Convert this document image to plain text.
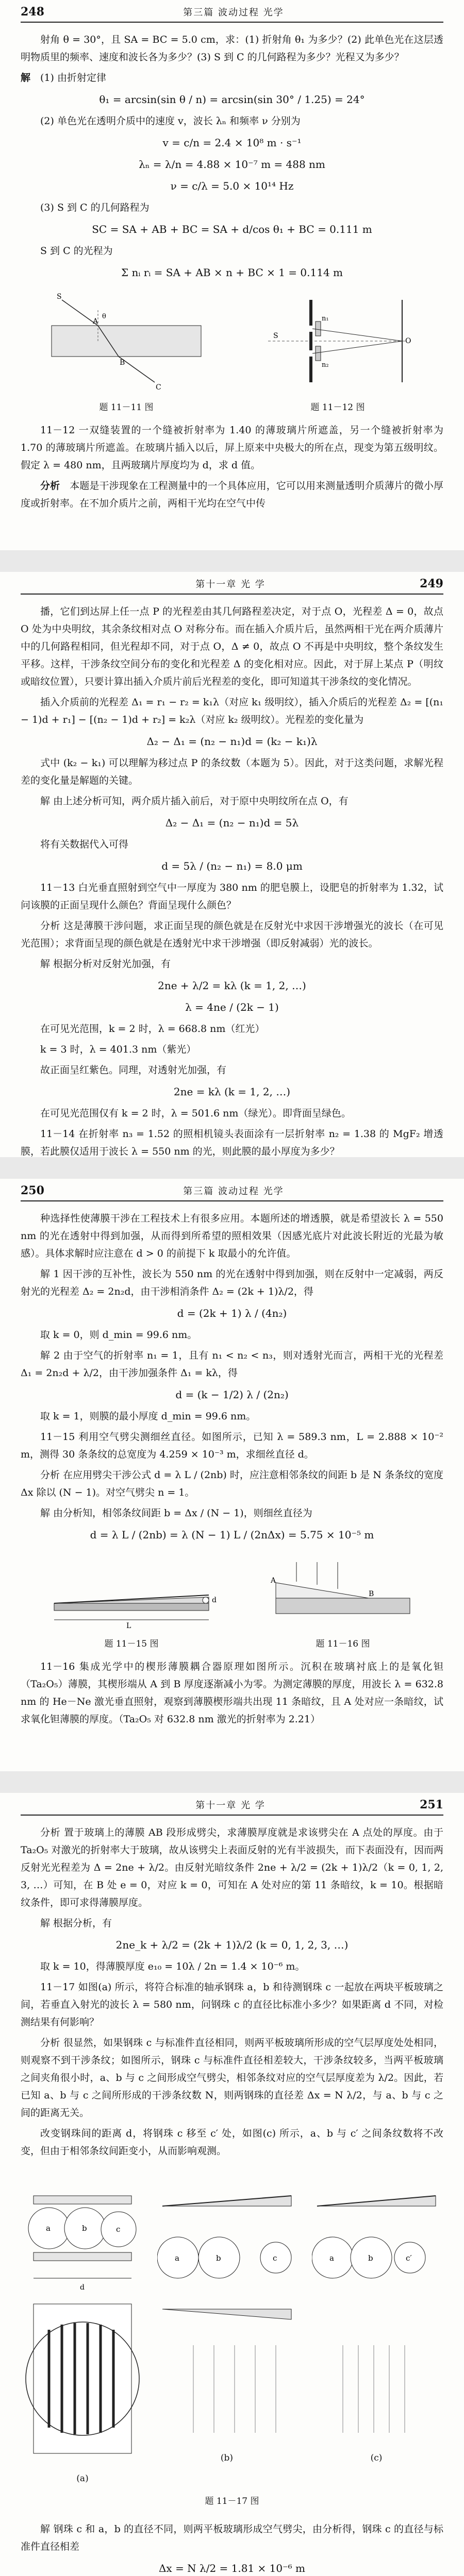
248	第三篇 波动过程 光学

射角 θ = 30°，且 SA = BC = 5.0 cm，求：(1) 折射角 θ₁ 为多少？(2) 此单色光在这层透明物质里的频率、速度和波长各为多少？(3) S 到 C 的几何路程为多少？光程又为多少？

解　 (1) 由折射定律

θ₁ = arcsin(sin θ / n) = arcsin(sin 30° / 1.25) = 24°

(2) 单色光在透明介质中的速度 v，波长 λₙ 和频率 ν 分别为

v = c/n = 2.4 × 10⁸ m · s⁻¹
λₙ = λ/n = 4.88 × 10⁻⁷ m = 488 nm
ν = c/λ = 5.0 × 10¹⁴ Hz

(3) S 到 C 的几何路程为

SC = SA + AB + BC = SA + d/cos θ₁ + BC = 0.111 m

S 到 C 的光程为

Σ nᵢ rᵢ = SA + AB × n + BC × 1 = 0.114 m
S
A
B
C
θ
题 11－11 图
O
n₁
n₂
S
题 11－12 图

11－12 一双缝装置的一个缝被折射率为 1.40 的薄玻璃片所遮盖，另一个缝被折射率为 1.70 的薄玻璃片所遮盖。在玻璃片插入以后，屏上原来中央极大的所在点，现变为第五级明纹。假定 λ = 480 nm，且两玻璃片厚度均为 d，求 d 值。

分析　 本题是干涉现象在工程测量中的一个具体应用，它可以用来测量透明介质薄片的微小厚度或折射率。在不加介质片之前，两相干光均在空气中传

第十一章 光 学	249

播，它们到达屏上任一点 P 的光程差由其几何路程差决定，对于点 O，光程差 Δ = 0，故点 O 处为中央明纹，其余条纹相对点 O 对称分布。而在插入介质片后，虽然两相干光在两介质薄片中的几何路程相同，但光程却不同，对于点 O，Δ ≠ 0，故点 O 不再是中央明纹，整个条纹发生平移。这样，干涉条纹空间分布的变化和光程差 Δ 的变化相对应。因此，对于屏上某点 P（明纹或暗纹位置），只要计算出插入介质片前后光程差的变化，即可知道其干涉条纹的变化情况。

插入介质前的光程差 Δ₁ = r₁ − r₂ = k₁λ（对应 k₁ 级明纹），插入介质后的光程差 Δ₂ = [(n₁ − 1)d + r₁] − [(n₂ − 1)d + r₂] = k₂λ（对应 k₂ 级明纹）。光程差的变化量为

Δ₂ − Δ₁ = (n₂ − n₁)d = (k₂ − k₁)λ

式中 (k₂ − k₁) 可以理解为移过点 P 的条纹数（本题为 5）。因此，对于这类问题，求解光程差的变化量是解题的关键。

解 由上述分析可知，两介质片插入前后，对于原中央明纹所在点 O，有

Δ₂ − Δ₁ = (n₂ − n₁)d = 5λ

将有关数据代入可得

d = 5λ / (n₂ − n₁) = 8.0 μm

11－13 白光垂直照射到空气中一厚度为 380 nm 的肥皂膜上，设肥皂的折射率为 1.32，试问该膜的正面呈现什么颜色？背面呈现什么颜色？

分析 这是薄膜干涉问题，求正面呈现的颜色就是在反射光中求因干涉增强光的波长（在可见光范围）；求背面呈现的颜色就是在透射光中求干涉增强（即反射减弱）光的波长。

解 根据分析对反射光加强，有

2ne + λ/2 = kλ (k = 1, 2, …)
λ = 4ne / (2k − 1)

在可见光范围，k = 2 时，λ = 668.8 nm（红光）

k = 3 时，λ = 401.3 nm（紫光）

故正面呈红紫色。同理，对透射光加强，有

2ne = kλ (k = 1, 2, …)

在可见光范围仅有 k = 2 时，λ = 501.6 nm（绿光）。即背面呈绿色。

11－14 在折射率 n₃ = 1.52 的照相机镜头表面涂有一层折射率 n₂ = 1.38 的 MgF₂ 增透膜，若此膜仅适用于波长 λ = 550 nm 的光，则此膜的最小厚度为多少？

250	第三篇 波动过程 光学

种选择性使薄膜干涉在工程技术上有很多应用。本题所述的增透膜，就是希望波长 λ = 550 nm 的光在透射中得到加强，从而得到所希望的照相效果（因感光底片对此波长附近的光最为敏感）。具体求解时应注意在 d > 0 的前提下 k 取最小的允许值。

解 1 因干涉的互补性，波长为 550 nm 的光在透射中得到加强，则在反射中一定减弱，两反射光的光程差 Δ₂ = 2n₂d，由干涉相消条件 Δ₂ = (2k + 1)λ/2，得

d = (2k + 1) λ / (4n₂)

取 k = 0，则 d_min = 99.6 nm。

解 2 由于空气的折射率 n₁ = 1，且有 n₁ < n₂ < n₃，则对透射光而言，两相干光的光程差 Δ₁ = 2n₂d + λ/2，由干涉加强条件 Δ₁ = kλ，得

d = (k − 1/2) λ / (2n₂)

取 k = 1，则膜的最小厚度 d_min = 99.6 nm。

11－15 利用空气劈尖测细丝直径。如图所示，已知 λ = 589.3 nm，L = 2.888 × 10⁻² m，测得 30 条条纹的总宽度为 4.259 × 10⁻³ m，求细丝直径 d。

分析 在应用劈尖干涉公式 d = λ L / (2nb) 时，应注意相邻条纹的间距 b 是 N 条条纹的宽度 Δx 除以 (N − 1)。对空气劈尖 n = 1。

解 由分析知，相邻条纹间距 b = Δx / (N − 1)，则细丝直径为

d = λ L / (2nb) = λ (N − 1) L / (2nΔx) = 5.75 × 10⁻⁵ m
L
d
题 11－15 图
A
B
题 11－16 图

11－16 集成光学中的楔形薄膜耦合器原理如图所示。沉积在玻璃衬底上的是氧化钽（Ta₂O₅）薄膜，其楔形端从 A 到 B 厚度逐渐减小为零。为测定薄膜的厚度，用波长 λ = 632.8 nm 的 He－Ne 激光垂直照射，观察到薄膜楔形端共出现 11 条暗纹，且 A 处对应一条暗纹，试求氧化钽薄膜的厚度。（Ta₂O₅ 对 632.8 nm 激光的折射率为 2.21）

第十一章 光 学	251

分析 置于玻璃上的薄膜 AB 段形成劈尖，求薄膜厚度就是求该劈尖在 A 点处的厚度。由于 Ta₂O₅ 对激光的折射率大于玻璃，故从该劈尖上表面反射的光有半波损失，而下表面没有，因而两反射光光程差为 Δ = 2ne + λ/2。由反射光暗纹条件 2ne + λ/2 = (2k + 1)λ/2（k = 0, 1, 2, 3, …）可知，在 B 处 e = 0，对应 k = 0，可知在 A 处对应的第 11 条暗纹，k = 10。根据暗纹条件，即可求得薄膜厚度。

解 根据分析，有

2ne_k + λ/2 = (2k + 1)λ/2 (k = 0, 1, 2, 3, …)

取 k = 10，得薄膜厚度 e₁₀ = 10λ / 2n = 1.4 × 10⁻⁶ m。

11－17 如图(a) 所示，将符合标准的轴承钢珠 a，b 和待测钢珠 c 一起放在两块平板玻璃之间，若垂直入射光的波长 λ = 580 nm，问钢珠 c 的直径比标准小多少？如果距离 d 不同，对检测结果有何影响？

分析 很显然，如果钢珠 c 与标准件直径相同，则两平板玻璃所形成的空气层厚度处处相同，则观察不到干涉条纹；如图所示，钢珠 c 与标准件直径相差较大，干涉条纹较多，当两平板玻璃之间夹角很小时，a、b 与 c 之间形成空气劈尖，相邻条纹对应的空气层厚度差为 λ/2。因此，若已知 a、b 与 c 之间所形成的干涉条纹数 N，则两钢珠的直径差 Δx = N λ/2，与 a、b 与 c 之间的距离无关。

改变钢珠间的距离 d，将钢珠 c 移至 c′ 处，如图(c) 所示，a、b 与 c′ 之间条纹数将不改变，但由于相邻条纹间距变小，从而影响观测。

a	b	c
d
(a)
a	b	c
(b)
a	b	c′
(c)
题 11－17 图

解 钢珠 c 和 a，b 的直径不同，则两平板玻璃形成空气劈尖，由分析得，钢珠 c 的直径与标准件直径相差

Δx = N λ/2 = 1.81 × 10⁻⁶ m
